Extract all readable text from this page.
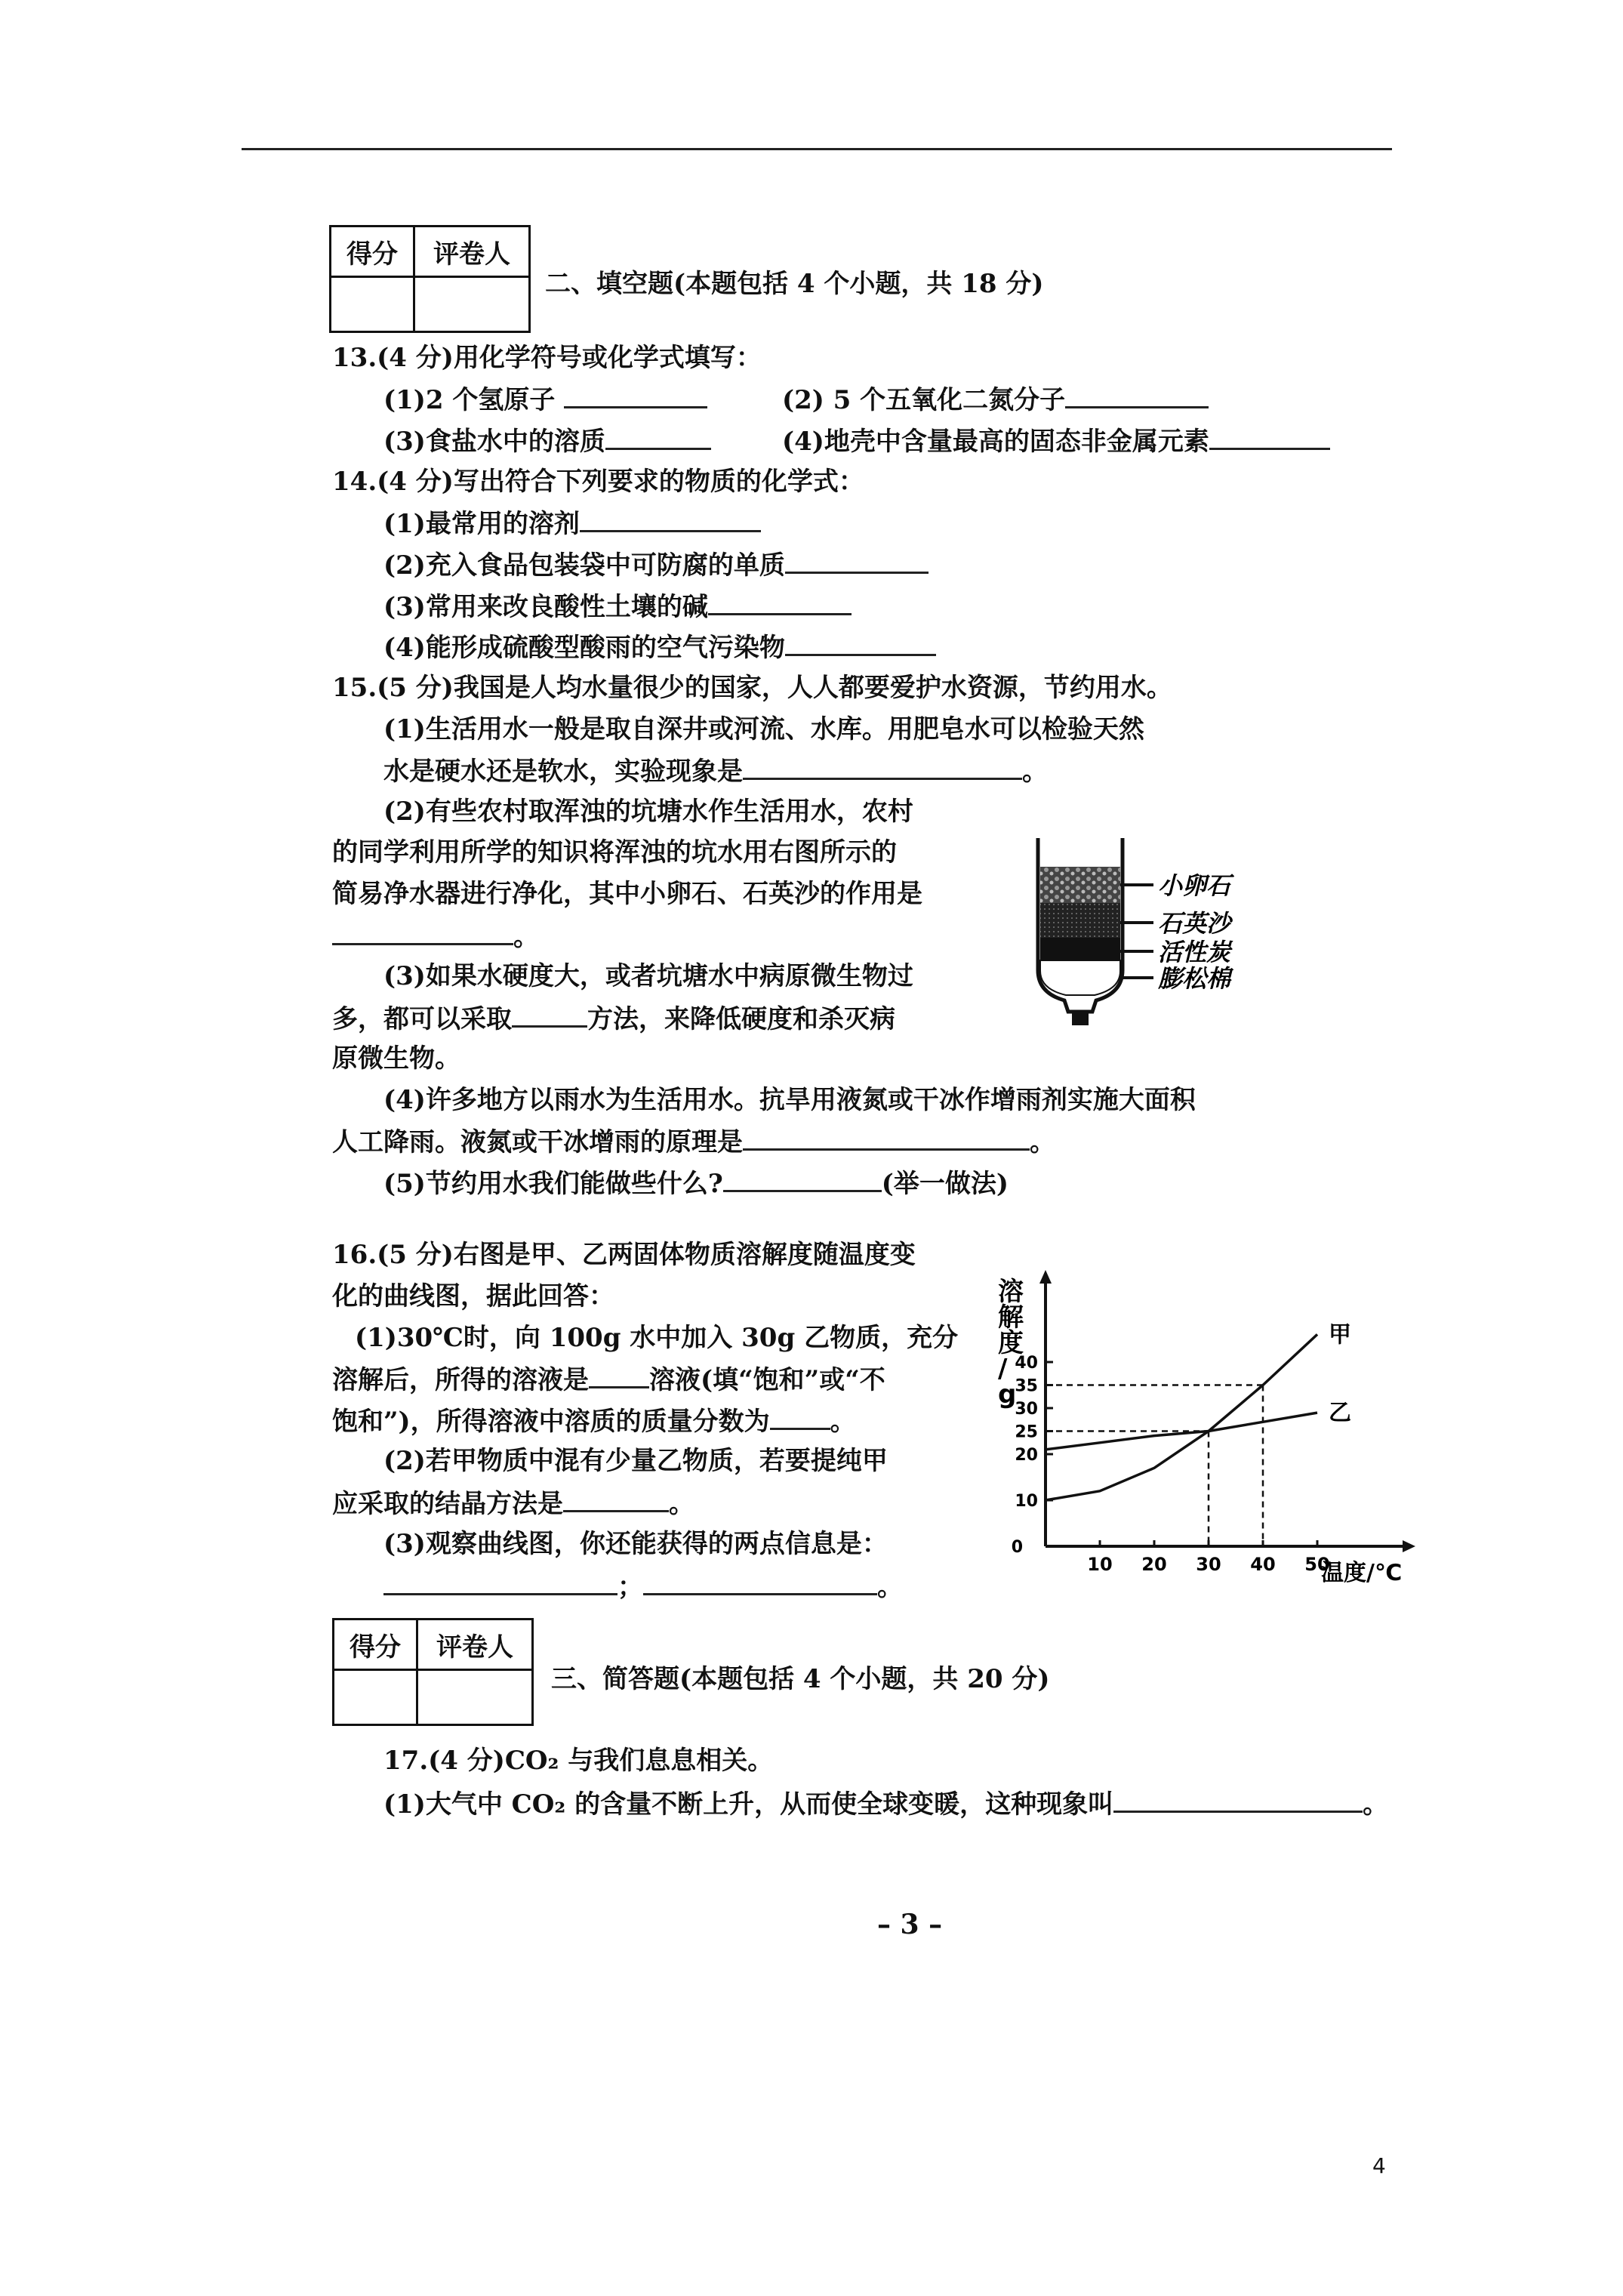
得分	评卷人

二、填空题(本题包括 4 个小题，共 18 分)
13.(4 分)用化学符号或化学式填写：
(1)2 个氢原子	(2) 5 个五氧化二氮分子
(3)食盐水中的溶质	(4)地壳中含量最高的固态非金属元素
14.(4 分)写出符合下列要求的物质的化学式：
(1)最常用的溶剂
(2)充入食品包装袋中可防腐的单质
(3)常用来改良酸性土壤的碱
(4)能形成硫酸型酸雨的空气污染物
15.(5 分)我国是人均水量很少的国家，人人都要爱护水资源，节约用水。
(1)生活用水一般是取自深井或河流、水库。用肥皂水可以检验天然
水是硬水还是软水，实验现象是	。
(2)有些农村取浑浊的坑塘水作生活用水，农村
的同学利用所学的知识将浑浊的坑水用右图所示的
简易净水器进行净化，其中小卵石、石英沙的作用是
。
(3)如果水硬度大，或者坑塘水中病原微生物过
多，都可以采取	方法，来降低硬度和杀灭病
原微生物。
(4)许多地方以雨水为生活用水。抗旱用液氮或干冰作增雨剂实施大面积
人工降雨。液氮或干冰增雨的原理是	。
(5)节约用水我们能做些什么?	(举一做法)
小卵石
石英沙
活性炭
膨松棉
16.(5 分)右图是甲、乙两固体物质溶解度随温度变
化的曲线图，据此回答：
(1)30℃时，向 100g 水中加入 30g 乙物质，充分
溶解后，所得的溶液是 溶液(填“饱和”或“不
饱和”)，所得溶液中溶质的质量分数为 。
(2)若甲物质中混有少量乙物质，若要提纯甲
应采取的结晶方法是	。
(3)观察曲线图，你还能获得的两点信息是：
；	。
甲
乙
10 20 30 40 50
0
10
20
25
30
35
40
溶解度/ g
温度/℃
得分	评卷人

三、简答题(本题包括 4 个小题，共 20 分)
17.(4 分)CO₂ 与我们息息相关。
(1)大气中 CO₂ 的含量不断上升，从而使全球变暖，这种现象叫	。
– 3 –
4
